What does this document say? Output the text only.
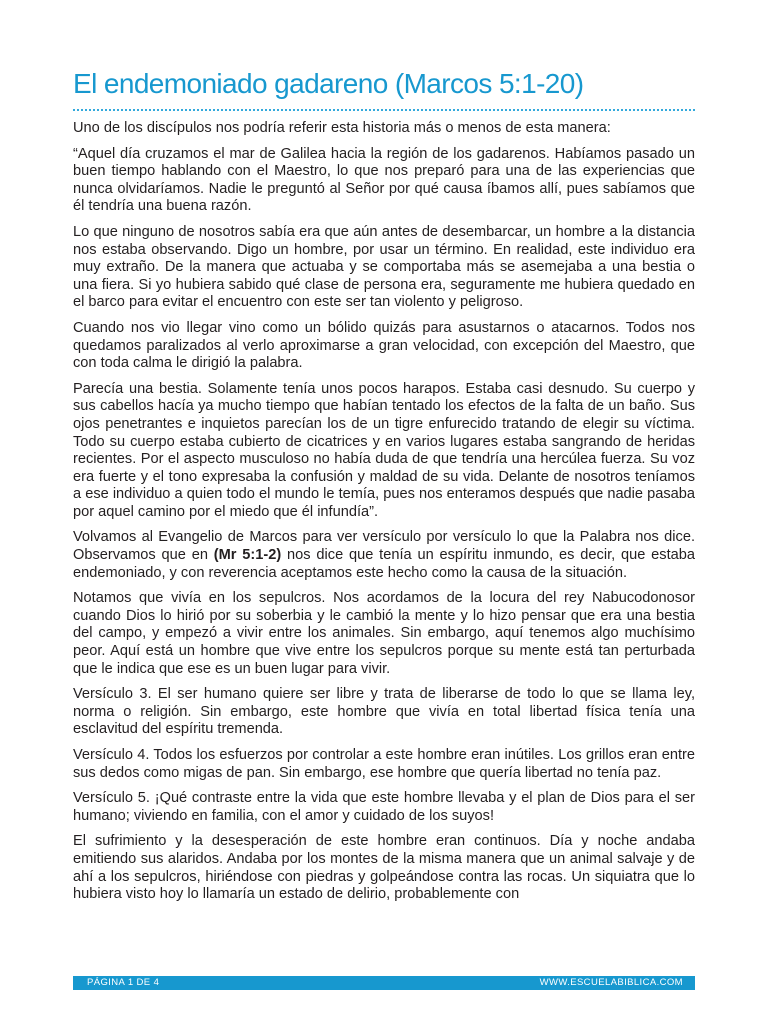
El endemoniado gadareno (Marcos 5:1-20)

Uno de los discípulos nos podría referir esta historia más o menos de esta manera:

“Aquel día cruzamos el mar de Galilea hacia la región de los gadarenos. Habíamos pasado un buen tiempo hablando con el Maestro, lo que nos preparó para una de las experiencias que nunca olvidaríamos. Nadie le preguntó al Señor por qué causa íbamos allí, pues sabíamos que él tendría una buena razón.

Lo que ninguno de nosotros sabía era que aún antes de desembarcar, un hombre a la distancia nos estaba observando. Digo un hombre, por usar un término. En realidad, este individuo era muy extraño. De la manera que actuaba y se comportaba más se asemejaba a una bestia o una fiera. Si yo hubiera sabido qué clase de persona era, seguramente me hubiera quedado en el barco para evitar el encuentro con este ser tan violento y peligroso.

Cuando nos vio llegar vino como un bólido quizás para asustarnos o atacarnos. Todos nos quedamos paralizados al verlo aproximarse a gran velocidad, con excepción del Maestro, que con toda calma le dirigió la palabra.

Parecía una bestia. Solamente tenía unos pocos harapos. Estaba casi desnudo. Su cuerpo y sus cabellos hacía ya mucho tiempo que habían tentado los efectos de la falta de un baño. Sus ojos penetrantes e inquietos parecían los de un tigre enfurecido tratando de elegir su víctima. Todo su cuerpo estaba cubierto de cicatrices y en varios lugares estaba sangrando de heridas recientes. Por el aspecto musculoso no había duda de que tendría una hercúlea fuerza. Su voz era fuerte y el tono expresaba la confusión y maldad de su vida. Delante de nosotros teníamos a ese individuo a quien todo el mundo le temía, pues nos enteramos después que nadie pasaba por aquel camino por el miedo que él infundía”.

Volvamos al Evangelio de Marcos para ver versículo por versículo lo que la Palabra nos dice. Observamos que en (Mr 5:1-2) nos dice que tenía un espíritu inmundo, es decir, que estaba endemoniado, y con reverencia aceptamos este hecho como la causa de la situación.

Notamos que vivía en los sepulcros. Nos acordamos de la locura del rey Nabucodonosor cuando Dios lo hirió por su soberbia y le cambió la mente y lo hizo pensar que era una bestia del campo, y empezó a vivir entre los animales. Sin embargo, aquí tenemos algo muchísimo peor. Aquí está un hombre que vive entre los sepulcros porque su mente está tan perturbada que le indica que ese es un buen lugar para vivir.

Versículo 3. El ser humano quiere ser libre y trata de liberarse de todo lo que se llama ley, norma o religión. Sin embargo, este hombre que vivía en total libertad física tenía una esclavitud del espíritu tremenda.

Versículo 4. Todos los esfuerzos por controlar a este hombre eran inútiles. Los grillos eran entre sus dedos como migas de pan. Sin embargo, ese hombre que quería libertad no tenía paz.

Versículo 5. ¡Qué contraste entre la vida que este hombre llevaba y el plan de Dios para el ser humano; viviendo en familia, con el amor y cuidado de los suyos!

El sufrimiento y la desesperación de este hombre eran continuos. Día y noche andaba emitiendo sus alaridos. Andaba por los montes de la misma manera que un animal salvaje y de ahí a los sepulcros, hiriéndose con piedras y golpeándose contra las rocas. Un siquiatra que lo hubiera visto hoy lo llamaría un estado de delirio, probablemente con

PÁGINA 1 DE 4	WWW.ESCUELABIBLICA.COM
